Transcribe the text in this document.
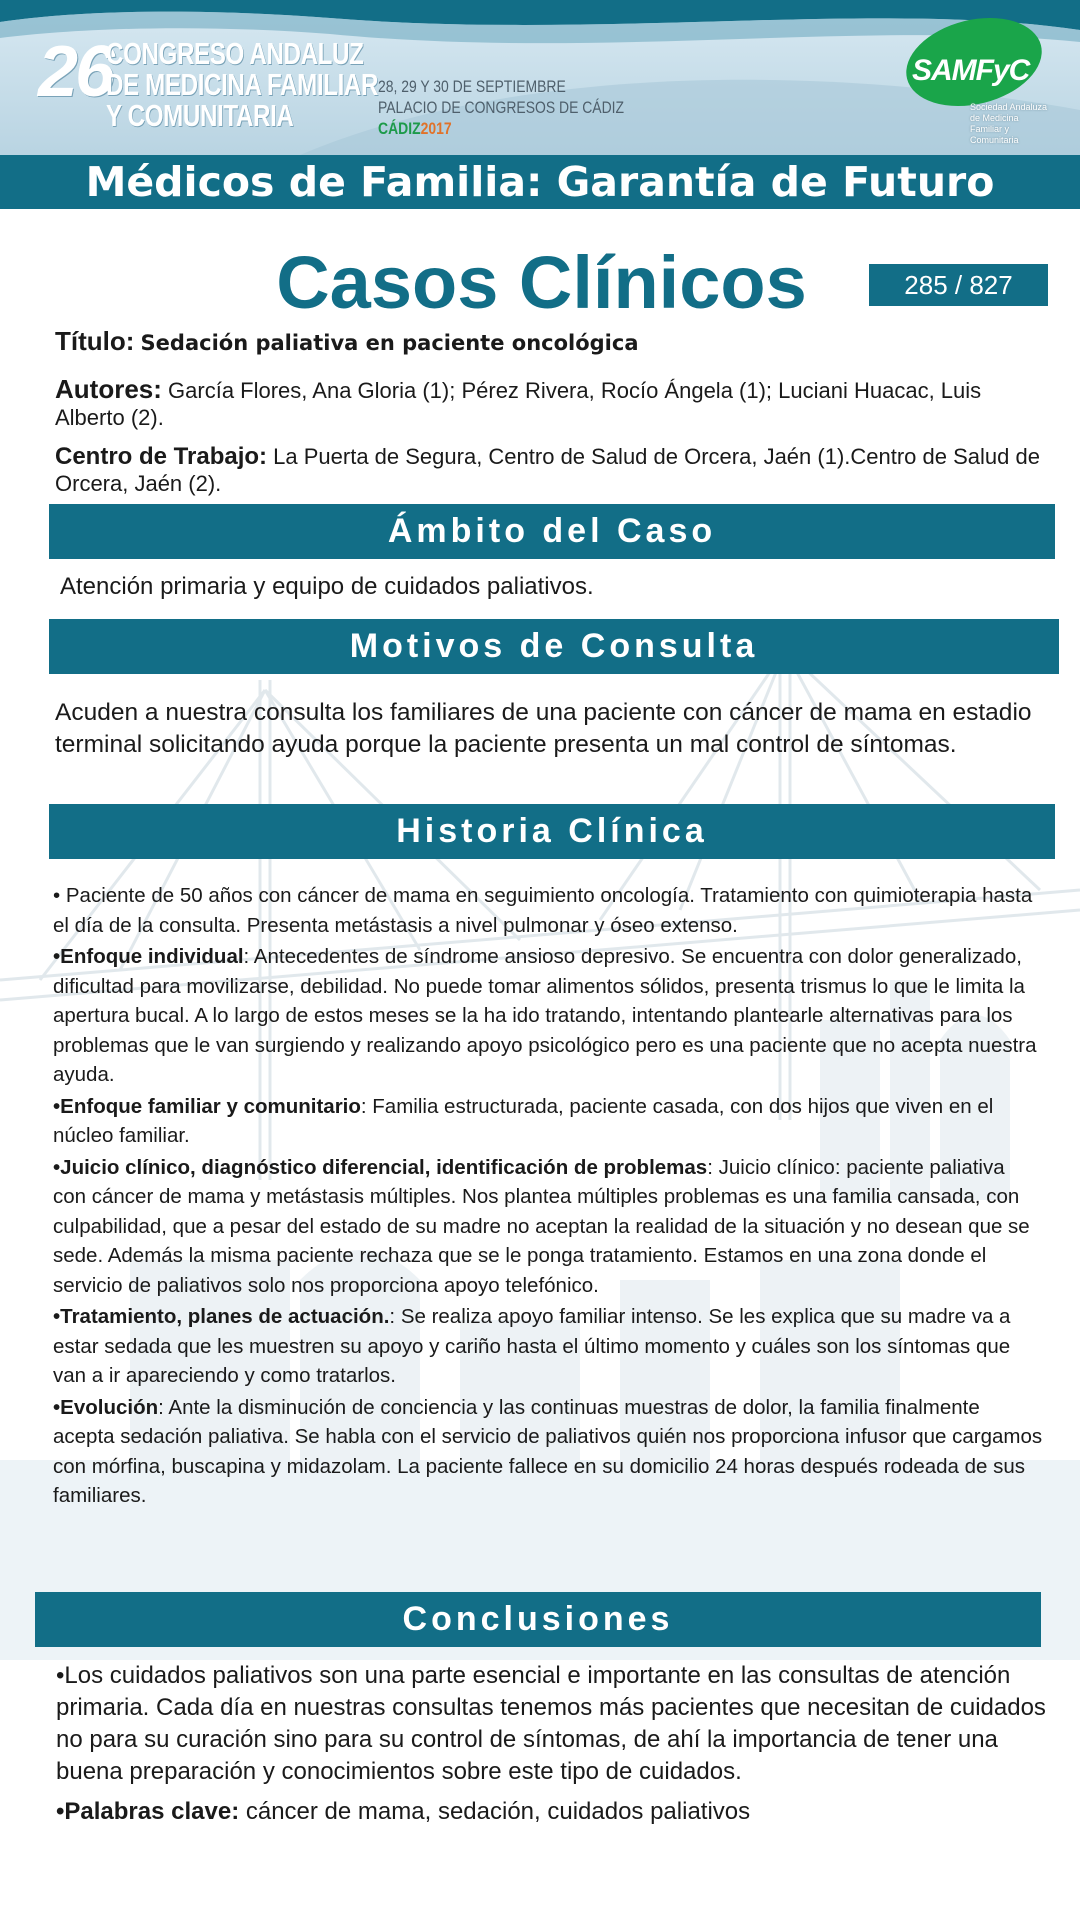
26
CONGRESO ANDALUZ
DE MEDICINA FAMILIAR
Y COMUNITARIA
28, 29 Y 30 DE SEPTIEMBRE
PALACIO DE CONGRESOS DE CÁDIZ
CÁDIZ2017
SAMFyC
Sociedad Andaluza de Medicina Familiar y Comunitaria
Médicos de Familia: Garantía de Futuro
Casos Clínicos	285 / 827
Título: Sedación paliativa en paciente oncológica
Autores: García Flores, Ana Gloria (1); Pérez Rivera, Rocío Ángela (1); Luciani Huacac, Luis Alberto (2).
Centro de Trabajo: La Puerta de Segura, Centro de Salud de Orcera, Jaén (1).Centro de Salud de Orcera, Jaén (2).
Ámbito del Caso
Atención primaria y equipo de cuidados paliativos.
Motivos de Consulta
Acuden a nuestra consulta los familiares de una paciente con cáncer de mama en estadio terminal solicitando ayuda porque la paciente presenta un mal control de síntomas.
Historia Clínica

• Paciente de 50 años con cáncer de mama en seguimiento oncología. Tratamiento con quimioterapia hasta el día de la consulta. Presenta metástasis a nivel pulmonar y óseo extenso.

•Enfoque individual: Antecedentes de síndrome ansioso depresivo. Se encuentra con dolor generalizado, dificultad para movilizarse, debilidad. No puede tomar alimentos sólidos, presenta trismus lo que le limita la apertura bucal. A lo largo de estos meses se la ha ido tratando, intentando plantearle alternativas para los problemas que le van surgiendo y realizando apoyo psicológico pero es una paciente que no acepta nuestra ayuda.

•Enfoque familiar y comunitario: Familia estructurada, paciente casada, con dos hijos que viven en el núcleo familiar.

•Juicio clínico, diagnóstico diferencial, identificación de problemas: Juicio clínico: paciente paliativa con cáncer de mama y metástasis múltiples. Nos plantea múltiples problemas es una familia cansada, con culpabilidad, que a pesar del estado de su madre no aceptan la realidad de la situación y no desean que se sede. Además la misma paciente rechaza que se le ponga tratamiento. Estamos en una zona donde el servicio de paliativos solo nos proporciona apoyo telefónico.

•Tratamiento, planes de actuación.: Se realiza apoyo familiar intenso. Se les explica que su madre va a estar sedada que les muestren su apoyo y cariño hasta el último momento y cuáles son los síntomas que van a ir apareciendo y como tratarlos.

•Evolución: Ante la disminución de conciencia y las continuas muestras de dolor, la familia finalmente acepta sedación paliativa. Se habla con el servicio de paliativos quién nos proporciona infusor que cargamos con mórfina, buscapina y midazolam. La paciente fallece en su domicilio 24 horas después rodeada de sus familiares.

Conclusiones

•Los cuidados paliativos son una parte esencial e importante en las consultas de atención primaria. Cada día en nuestras consultas tenemos más pacientes que necesitan de cuidados no para su curación sino para su control de síntomas, de ahí la importancia de tener una buena preparación y conocimientos sobre este tipo de cuidados.

•Palabras clave: cáncer de mama, sedación, cuidados paliativos
